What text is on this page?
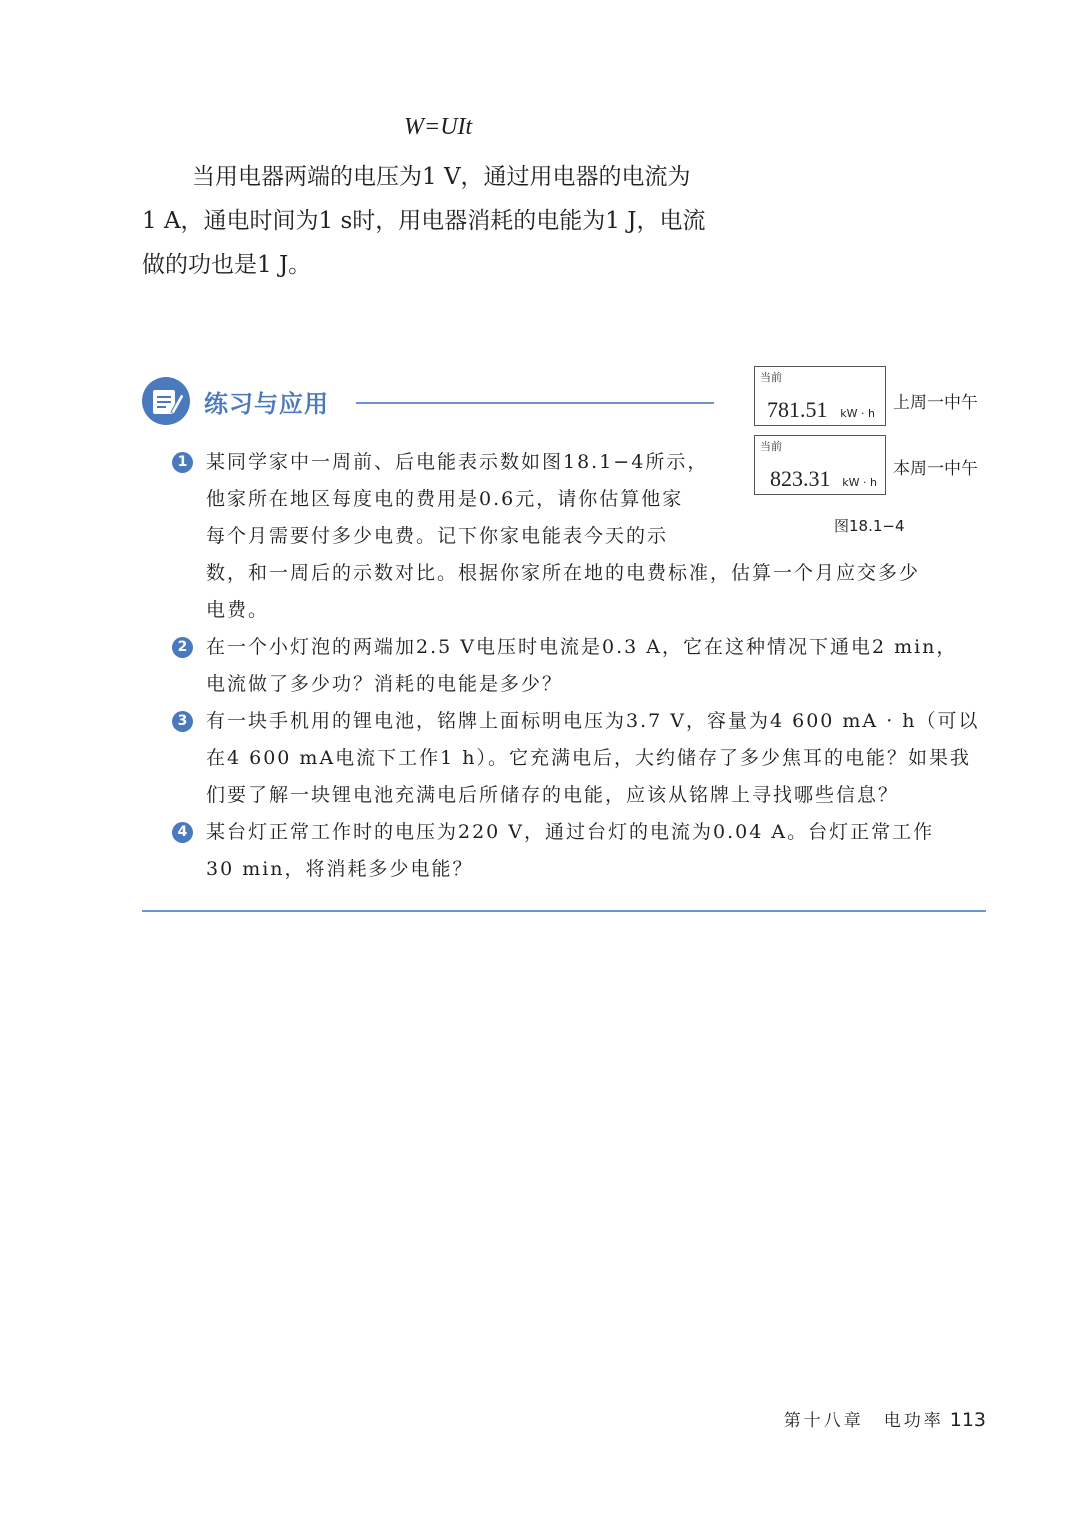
W=UIt
当用电器两端的电压为1 V，通过用电器的电流为
1 A，通电时间为1 s时，用电器消耗的电能为1 J，电流
做的功也是1 J。
练习与应用
当前
781.51 kW · h
上周一中午
当前
823.31 kW · h
本周一中午
图18.1−4
1 某同学家中一周前、后电能表示数如图18.1−4所示，
他家所在地区每度电的费用是0.6元，请你估算他家
每个月需要付多少电费。记下你家电能表今天的示
数，和一周后的示数对比。根据你家所在地的电费标准，估算一个月应交多少
电费。
2 在一个小灯泡的两端加2.5 V电压时电流是0.3 A，它在这种情况下通电2 min，
电流做了多少功？消耗的电能是多少？
3 有一块手机用的锂电池，铭牌上面标明电压为3.7 V，容量为4 600 mA · h（可以
在4 600 mA电流下工作1 h）。它充满电后，大约储存了多少焦耳的电能？如果我
们要了解一块锂电池充满电后所储存的电能，应该从铭牌上寻找哪些信息？
4 某台灯正常工作时的电压为220 V，通过台灯的电流为0.04 A。台灯正常工作
30 min，将消耗多少电能？
第十八章　电功率 113
